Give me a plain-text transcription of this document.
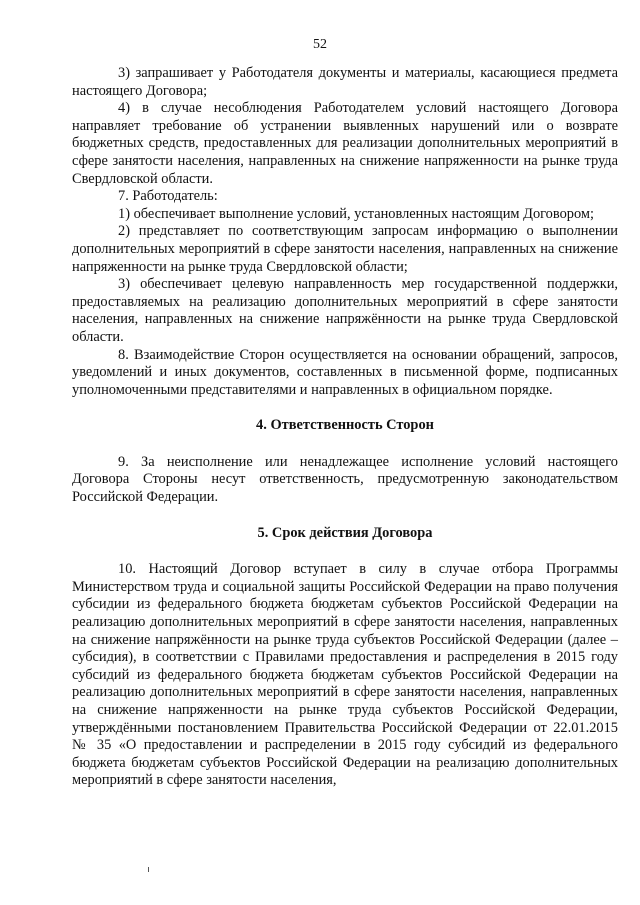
52

3) запрашивает у Работодателя документы и материалы, касающиеся предмета настоящего Договора;

4) в случае несоблюдения Работодателем условий настоящего Договора направляет требование об устранении выявленных нарушений или о возврате бюджетных средств, предоставленных для реализации дополнительных мероприятий в сфере занятости населения, направленных на снижение напряженности на рынке труда Свердловской области.

7. Работодатель:

1) обеспечивает выполнение условий, установленных настоящим Договором;

2) представляет по соответствующим запросам информацию о выполнении дополнительных мероприятий в сфере занятости населения, направленных на снижение напряженности на рынке труда Свердловской области;

3) обеспечивает целевую направленность мер государственной поддержки, предоставляемых на реализацию дополнительных мероприятий в сфере занятости населения, направленных на снижение напряжённости на рынке труда Свердловской области.

8. Взаимодействие Сторон осуществляется на основании обращений, запросов, уведомлений и иных документов, составленных в письменной форме, подписанных уполномоченными представителями и направленных в официальном порядке.

4. Ответственность Сторон

9. За неисполнение или ненадлежащее исполнение условий настоящего Договора Стороны несут ответственность, предусмотренную законодательством Российской Федерации.

5. Срок действия Договора

10. Настоящий Договор вступает в силу в случае отбора Программы Министерством труда и социальной защиты Российской Федерации на право получения субсидии из федерального бюджета бюджетам субъектов Российской Федерации на реализацию дополнительных мероприятий в сфере занятости населения, направленных на снижение напряжённости на рынке труда субъектов Российской Федерации (далее – субсидия), в соответствии с Правилами предоставления и распределения в 2015 году субсидий из федерального бюджета бюджетам субъектов Российской Федерации на реализацию дополнительных мероприятий в сфере занятости населения, направленных на снижение напряженности на рынке труда субъектов Российской Федерации, утверждёнными постановлением Правительства Российской Федерации от 22.01.2015 № 35 «О предоставлении и распределении в 2015 году субсидий из федерального бюджета бюджетам субъектов Российской Федерации на реализацию дополнительных мероприятий в сфере занятости населения,
